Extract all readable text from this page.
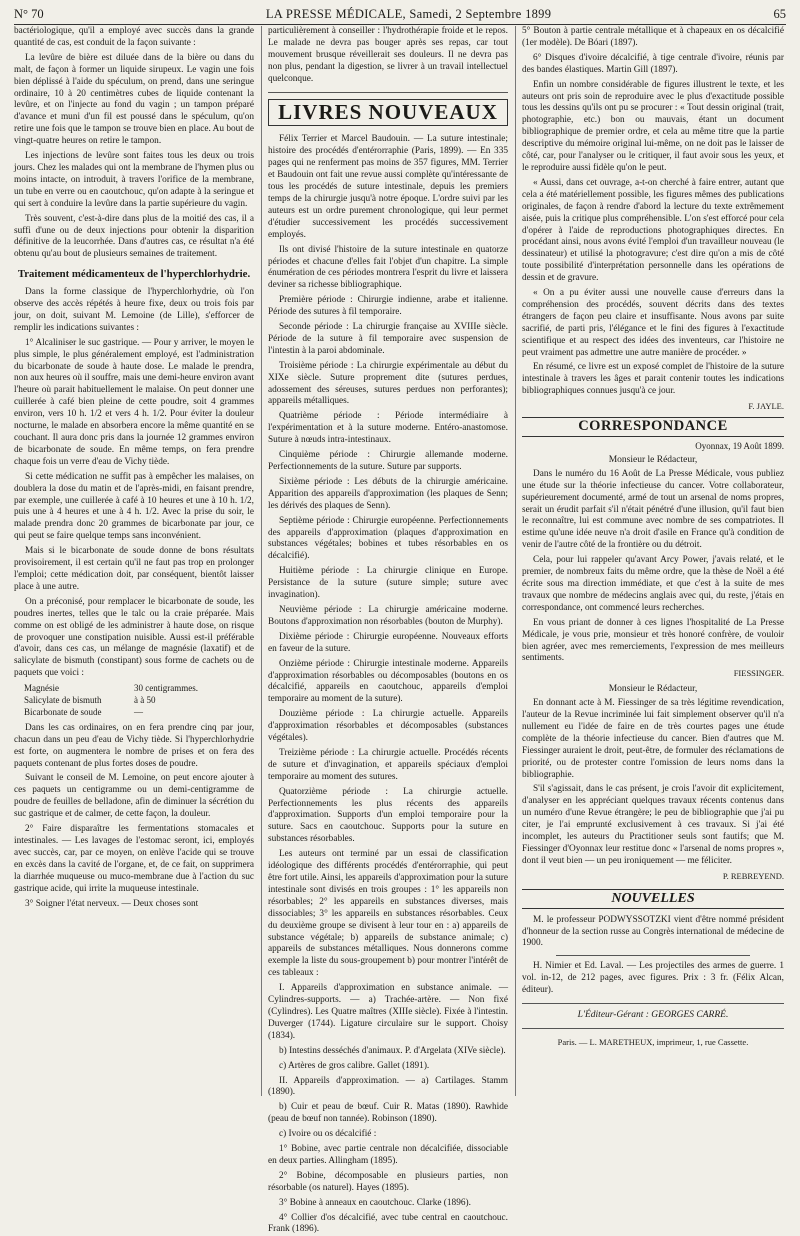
N° 70	LA PRESSE MÉDICALE, Samedi, 2 Septembre 1899	65

bactériologique, qu'il a employé avec succès dans la grande quantité de cas, est conduit de la façon suivante :

La levûre de bière est diluée dans de la bière ou dans du malt, de façon à former un liquide sirupeux. Le vagin une fois bien déplissé à l'aide du spéculum, on prend, dans une seringue ordinaire, 10 à 20 centimètres cubes de liquide contenant la levûre, et on l'injecte au fond du vagin ; un tampon préparé d'avance et muni d'un fil est poussé dans le spéculum, qu'on retire une fois que le tampon se trouve bien en place. Au bout de vingt-quatre heures on retire le tampon.

Les injections de levûre sont faites tous les deux ou trois jours. Chez les malades qui ont la membrane de l'hymen plus ou moins intacte, on introduit, à travers l'orifice de la membrane, un tube en verre ou en caoutchouc, qu'on adapte à la seringue et qui sert à conduire la levûre dans la partie supérieure du vagin.

Très souvent, c'est-à-dire dans plus de la moitié des cas, il a suffi d'une ou de deux injections pour obtenir la disparition définitive de la leucorrhée. Dans d'autres cas, ce résultat n'a été obtenu qu'au bout de plusieurs semaines de traitement.

Traitement médicamenteux de l'hyperchlorhydrie.

Dans la forme classique de l'hyperchlorhydrie, où l'on observe des accès répétés à heure fixe, deux ou trois fois par jour, on doit, suivant M. Lemoine (de Lille), s'efforcer de remplir les indications suivantes :

1° Alcaliniser le suc gastrique. — Pour y arriver, le moyen le plus simple, le plus généralement employé, est l'administration du bicarbonate de soude à haute dose. Le malade le prendra, non aux heures où il souffre, mais une demi-heure environ avant l'heure où parait habituellement le malaise. On peut donner une cuillerée à café bien pleine de cette poudre, soit 4 grammes environ, vers 10 h. 1/2 et vers 4 h. 1/2. Pour éviter la douleur nocturne, le malade en absorbera encore la même quantité en se couchant. Il aura donc pris dans la journée 12 grammes environ de bicarbonate de soude. En même temps, on fera prendre chaque fois un verre d'eau de Vichy tiède.

Si cette médication ne suffit pas à empêcher les malaises, on doublera la dose du matin et de l'après-midi, en faisant prendre, par exemple, une cuillerée à café à 10 heures et une à 10 h. 1/2, puis une à 4 heures et une à 4 h. 1/2. Avec la prise du soir, le malade prendra donc 20 grammes de bicarbonate par jour, ce qui peut se faire quelque temps sans inconvénient.

Mais si le bicarbonate de soude donne de bons résultats provisoirement, il est certain qu'il ne faut pas trop en prolonger l'emploi; cette médication doit, par conséquent, bientôt laisser place à une autre.

On a préconisé, pour remplacer le bicarbonate de soude, les poudres inertes, telles que le talc ou la craie préparée. Mais comme on est obligé de les administrer à haute dose, on risque de provoquer une constipation nuisible. Aussi est-il préférable d'avoir, dans ces cas, un mélange de magnésie (laxatif) et de salicylate de bismuth (constipant) sous forme de cachets ou de paquets que voici :

Magnésie	30 centigrammes.
Salicylate de bismuth	à à 50
Bicarbonate de soude	—

Dans les cas ordinaires, on en fera prendre cinq par jour, chacun dans un peu d'eau de Vichy tiède. Si l'hyperchlorhydrie est forte, on augmentera le nombre de prises et on fera des paquets contenant de plus fortes doses de poudre.

Suivant le conseil de M. Lemoine, on peut encore ajouter à ces paquets un centigramme ou un demi-centigramme de poudre de feuilles de belladone, afin de diminuer la sécrétion du suc gastrique et de calmer, de cette façon, la douleur.

2° Faire disparaître les fermentations stomacales et intestinales. — Les lavages de l'estomac seront, ici, employés avec succès, car, par ce moyen, on enlève l'acide qui se trouve en excès dans la cavité de l'organe, et, de ce fait, on supprimera la diarrhée muqueuse ou muco-membrane due à l'action du suc gastrique acide, qui irrite la muqueuse intestinale.

3° Soigner l'état nerveux. — Deux choses sont

particulièrement à conseiller : l'hydrothérapie froide et le repos. Le malade ne devra pas bouger après ses repas, car tout mouvement brusque réveillerait ses douleurs. Il ne devra pas non plus, pendant la digestion, se livrer à un travail intellectuel quelconque.

LIVRES NOUVEAUX

Félix Terrier et Marcel Baudouin. — La suture intestinale; histoire des procédés d'entérorraphie (Paris, 1899). — En 335 pages qui ne renferment pas moins de 357 figures, MM. Terrier et Baudouin ont fait une revue aussi complète qu'intéressante de tous les procédés de suture intestinale, depuis les premiers temps de la chirurgie jusqu'à notre époque. L'ordre suivi par les auteurs est un ordre purement chronologique, qui leur permet d'étudier successivement les procédés successivement employés.

Ils ont divisé l'histoire de la suture intestinale en quatorze périodes et chacune d'elles fait l'objet d'un chapitre. La simple énumération de ces périodes montrera l'esprit du livre et laissera deviner sa richesse bibliographique.

Première période : Chirurgie indienne, arabe et italienne. Période des sutures à fil temporaire.

Seconde période : La chirurgie française au XVIIIe siècle. Période de la suture à fil temporaire avec suspension de l'intestin à la paroi abdominale.

Troisième période : La chirurgie expérimentale au début du XIXe siècle. Suture proprement dite (sutures perdues, adossement des séreuses, sutures perdues non perforantes); appareils métalliques.

Quatrième période : Période intermédiaire à l'expérimentation et à la suture moderne. Entéro-anastomose. Suture à nœuds intra-intestinaux.

Cinquième période : Chirurgie allemande moderne. Perfectionnements de la suture. Suture par supports.

Sixième période : Les débuts de la chirurgie américaine. Apparition des appareils d'approximation (les plaques de Senn; les dérivés des plaques de Senn).

Septième période : Chirurgie européenne. Perfectionnements des appareils d'approximation (plaques d'approximation en substances végétales; bobines et tubes résorbables en os décalcifié).

Huitième période : La chirurgie clinique en Europe. Persistance de la suture (suture simple; suture avec invagination).

Neuvième période : La chirurgie américaine moderne. Boutons d'approximation non résorbables (bouton de Murphy).

Dixième période : Chirurgie européenne. Nouveaux efforts en faveur de la suture.

Onzième période : Chirurgie intestinale moderne. Appareils d'approximation résorbables ou décomposables (boutons en os décalcifié, appareils en caoutchouc, appareils d'emploi temporaire au moment de la suture).

Douzième période : La chirurgie actuelle. Appareils d'approximation résorbables et décomposables (substances végétales).

Treizième période : La chirurgie actuelle. Procédés récents de suture et d'invagination, et appareils spéciaux d'emploi temporaire au moment des sutures.

Quatorzième période : La chirurgie actuelle. Perfectionnements les plus récents des appareils d'approximation. Supports d'un emploi temporaire pour la suture. Sacs en caoutchouc. Supports pour la suture en substances résorbables.

Les auteurs ont terminé par un essai de classification idéologique des différents procédés d'entérorraphie, qui peut être fort utile. Ainsi, les appareils d'approximation pour la suture intestinale sont divisés en trois groupes : 1° les appareils non résorbables; 2° les appareils en substances diverses, mais dissociables; 3° les appareils en substances résorbables. Ceux du deuxième groupe se divisent à leur tour en : a) appareils de substance végétale; b) appareils de substance animale; c) appareils de substances métalliques. Nous donnerons comme exemple la liste du sous-groupement b) pour montrer l'intérêt de ces tableaux :

I. Appareils d'approximation en substance animale. — Cylindres-supports. — a) Trachée-artère. — Non fixé (Cylindres). Les Quatre maîtres (XIIIe siècle). Fixée à l'intestin. Duverger (1744). Ligature circulaire sur le support. Choisy (1834).

b) Intestins desséchés d'animaux. P. d'Argelata (XIVe siècle).

c) Artères de gros calibre. Gallet (1891).

II. Appareils d'approximation. — a) Cartilages. Stamm (1890).

b) Cuir et peau de bœuf. Cuir R. Matas (1890). Rawhide (peau de bœuf non tannée). Robinson (1890).

c) Ivoire ou os décalcifié :

1° Bobine, avec partie centrale non décalcifiée, dissociable en deux parties. Allingham (1895).

2° Bobine, décomposable en plusieurs parties, non résorbable (os naturel). Hayes (1895).

3° Bobine à anneaux en caoutchouc. Clarke (1896).

4° Collier d'os décalcifié, avec tube central en caoutchouc. Frank (1896).

5° Bouton à partie centrale métallique et à chapeaux en os décalcifié (1er modèle). De Bóari (1897).

6° Disques d'ivoire décalcifié, à tige centrale d'ivoire, réunis par des bandes élastiques. Martin Gill (1897).

Enfin un nombre considérable de figures illustrent le texte, et les auteurs ont pris soin de reproduire avec le plus d'exactitude possible tous les dessins qu'ils ont pu se procurer : « Tout dessin original (trait, photographie, etc.) bon ou mauvais, étant un document bibliographique de premier ordre, et cela au même titre que la partie descriptive du mémoire original lui-même, on ne doit pas le laisser de côté, car, pour l'analyser ou le critiquer, il faut avoir sous les yeux, et le reproduire aussi fidèle qu'on le peut.

« Aussi, dans cet ouvrage, a-t-on cherché à faire entrer, autant que cela a été matériellement possible, les figures mêmes des publications originales, de façon à rendre d'abord la lecture du texte extrêmement aisée, puis la critique plus compréhensible. L'on s'est efforcé pour cela d'opérer à l'aide de reproductions photographiques directes. En procédant ainsi, nous avons évité l'emploi d'un travailleur nouveau (le dessinateur) et utilisé la photogravure; c'est dire qu'on a mis de côté toute possibilité d'interprétation personnelle dans les opérations de dessin et de gravure.

« On a pu éviter aussi une nouvelle cause d'erreurs dans la compréhension des procédés, souvent décrits dans des textes étrangers de façon peu claire et insuffisante. Nous avons par suite sacrifié, de parti pris, l'élégance et le fini des figures à l'exactitude scientifique et au respect des idées des inventeurs, car l'histoire ne peut vraiment pas admettre une autre manière de procéder. »

En résumé, ce livre est un exposé complet de l'histoire de la suture intestinale à travers les âges et parait contenir toutes les indications bibliographiques connues jusqu'à ce jour.

F. JAYLE.
CORRESPONDANCE
Oyonnax, 19 Août 1899.
Monsieur le Rédacteur,

Dans le numéro du 16 Août de La Presse Médicale, vous publiez une étude sur la théorie infectieuse du cancer. Votre collaborateur, supérieurement documenté, armé de tout un arsenal de noms propres, serait un érudit parfait s'il n'était pénétré d'une illusion, qu'il faut bien le reconnaître, lui est commune avec nombre de ses compatriotes. Il estime qu'une idée neuve n'a droit d'asile en France qu'à condition de venir de l'autre côté de la frontière ou du détroit.

Cela, pour lui rappeler qu'avant Arcy Power, j'avais relaté, et le premier, de nombreux faits du même ordre, que la thèse de Noël a été écrite sous ma direction immédiate, et que c'est à la suite de mes travaux que nombre de médecins anglais avec qui, du reste, j'étais en correspondance, ont commencé leurs recherches.

En vous priant de donner à ces lignes l'hospitalité de La Presse Médicale, je vous prie, monsieur et très honoré confrère, de vouloir bien agréer, avec mes remerciements, l'expression de mes meilleurs sentiments.

FIESSINGER.
Monsieur le Rédacteur,

En donnant acte à M. Fiessinger de sa très légitime revendication, l'auteur de la Revue incriminée lui fait simplement observer qu'il n'a nullement eu l'idée de faire en de très courtes pages une étude complète de la théorie infectieuse du cancer. Bien d'autres que M. Fiessinger auraient le droit, peut-être, de formuler des réclamations de priorité, ou de protester contre l'omission de leurs noms dans la bibliographie.

S'il s'agissait, dans le cas présent, je crois l'avoir dit explicitement, d'analyser en les appréciant quelques travaux récents contenus dans un numéro d'une Revue étrangère; le peu de bibliographie que j'ai pu citer, je l'ai emprunté exclusivement à ces travaux. Si j'ai été incomplet, les auteurs du Practitioner seuls sont fautifs; que M. Fiessinger d'Oyonnax leur restitue donc « l'arsenal de noms propres », dont il veut bien — un peu ironiquement — me féliciter.

P. REBREYEND.
NOUVELLES

M. le professeur PODWYSSOTZKI vient d'être nommé président d'honneur de la section russe au Congrès international de médecine de 1900.

H. Nimier et Ed. Laval. — Les projectiles des armes de guerre. 1 vol. in-12, de 212 pages, avec figures. Prix : 3 fr. (Félix Alcan, éditeur).

L'Éditeur-Gérant : GEORGES CARRÉ.
Paris. — L. MARETHEUX, imprimeur, 1, rue Cassette.
